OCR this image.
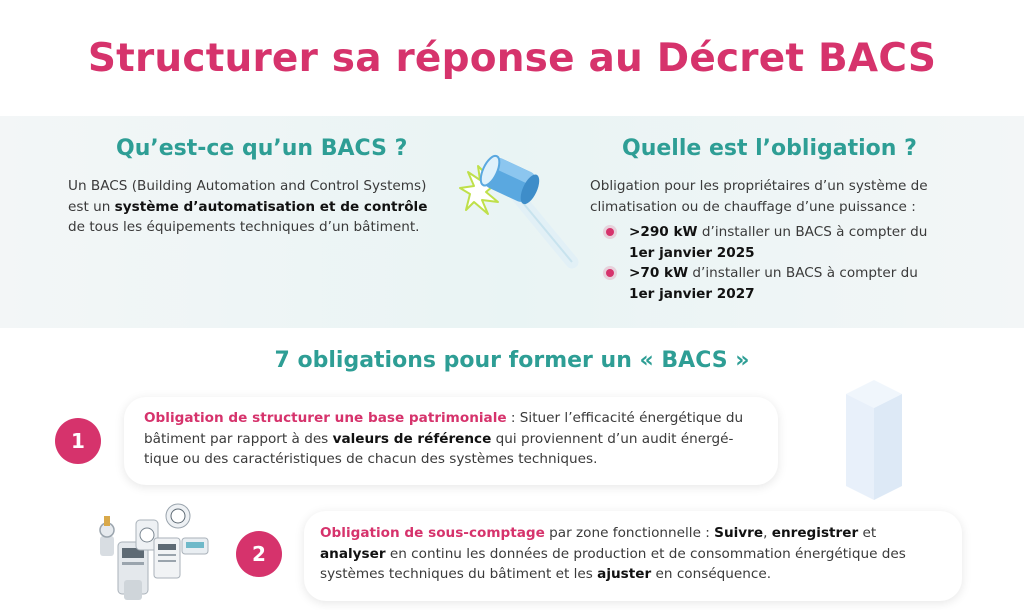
Structurer sa réponse au Décret BACS
Qu’est-ce qu’un BACS ?
Un BACS (Building Automation and Control Systems) est un système d’automatisation et de contrôle de tous les équipements techniques d’un bâtiment.
Quelle est l’obligation ?
Obligation pour les propriétaires d’un système de climatisation ou de chauffage d’une puissance :
>290 kW d’installer un BACS à compter du 1er janvier 2025
>70 kW d’installer un BACS à compter du 1er janvier 2027
7 obligations pour former un « BACS »
1
Obligation de structurer une base patrimoniale : Situer l’efficacité énergétique du bâtiment par rapport à des valeurs de référence qui proviennent d’un audit énergé-tique ou des caractéristiques de chacun des systèmes techniques.
2
Obligation de sous-comptage par zone fonctionnelle : Suivre, enregistrer et analyser en continu les données de production et de consommation énergétique des systèmes techniques du bâtiment et les ajuster en conséquence.
